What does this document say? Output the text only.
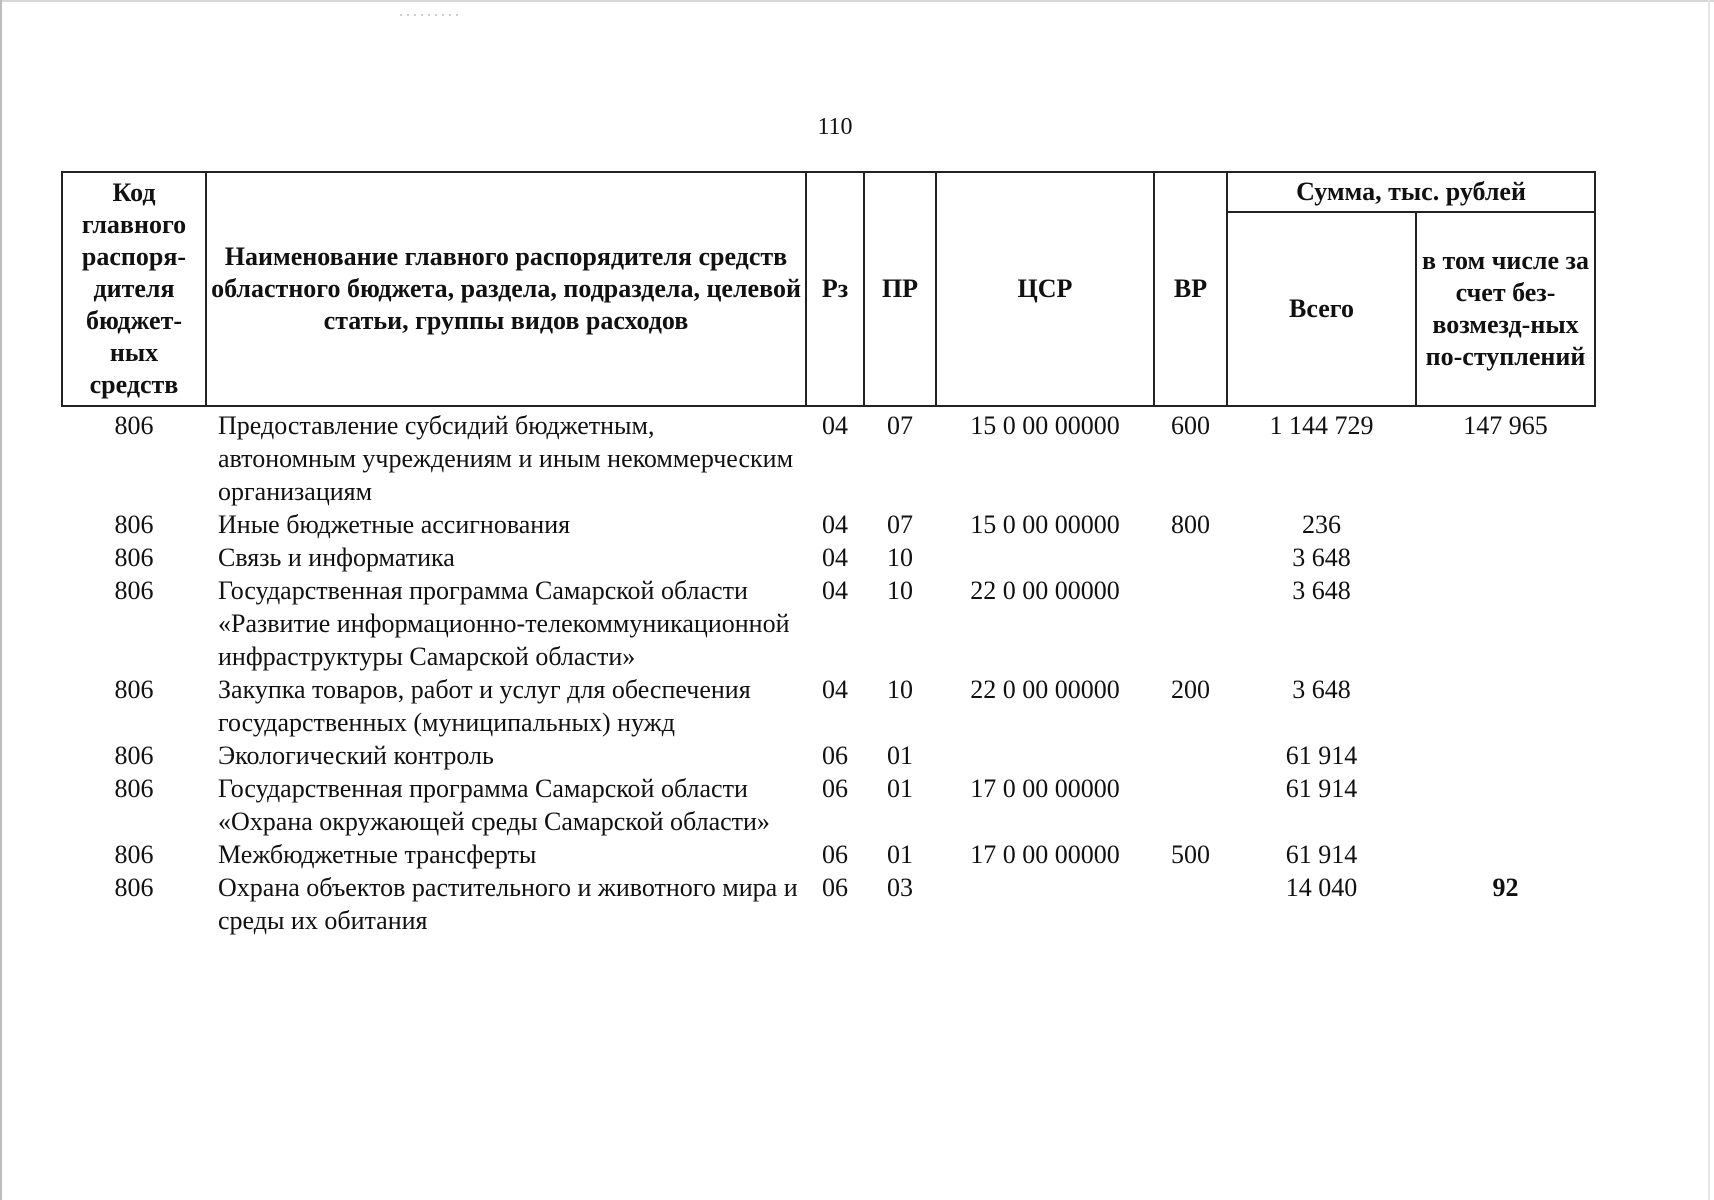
110
Код главного распоря-дителя бюджет-ных средств	Наименование главного распорядителя средств областного бюджета, раздела, подраздела, целевой статьи, группы видов расходов	Рз	ПР	ЦСР	ВР	Сумма, тыс. рублей	
						Всего	в том числе за счет без-возмезд-ных по-ступлений
806	Предоставление субсидий бюджетным, автономным учреждениям и иным некоммерческим организациям	04	07	15 0 00 00000	600	1 144 729	147 965
806	Иные бюджетные ассигнования	04	07	15 0 00 00000	800	236	
806	Связь и информатика	04	10			3 648	
806	Государственная программа Самарской области «Развитие информационно-телекоммуникационной инфраструктуры Самарской области»	04	10	22 0 00 00000		3 648	
806	Закупка товаров, работ и услуг для обеспечения государственных (муниципальных) нужд	04	10	22 0 00 00000	200	3 648	
806	Экологический контроль	06	01			61 914	
806	Государственная программа Самарской области «Охрана окружающей среды Самарской области»	06	01	17 0 00 00000		61 914	
806	Межбюджетные трансферты	06	01	17 0 00 00000	500	61 914	
806	Охрана объектов растительного и животного мира и среды их обитания	06	03			14 040	92
